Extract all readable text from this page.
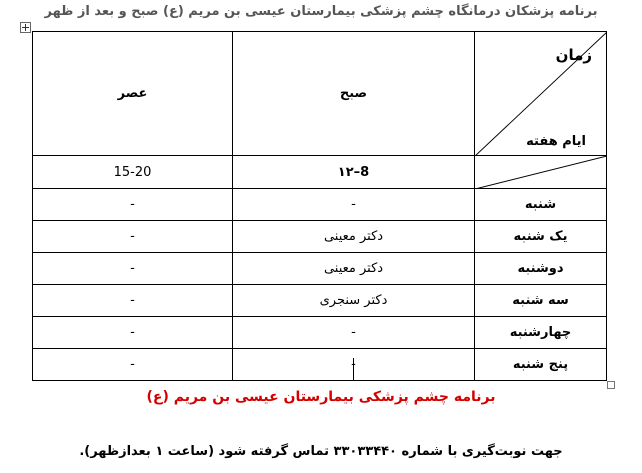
برنامه پزشکان درمانگاه چشم پزشکی بیمارستان عیسی بن مریم (ع) صبح و بعد از ظهر
زمان
ایام هفته	صبح	عصر

	8–۱۲	15-20
شنبه	-	-
یک شنبه	دکتر معینی	-
دوشنبه	دکتر معینی	-
سه شنبه	دکتر سنجری	-
چهارشنبه	-	-
پنج شنبه	-	-
برنامه چشم پزشکی بیمارستان عیسی بن مریم (ع)
جهت نوبت‌گیری با شماره ۳۳۰۳۳۴۴۰ تماس گرفته شود (ساعت ۱ بعدازظهر).
